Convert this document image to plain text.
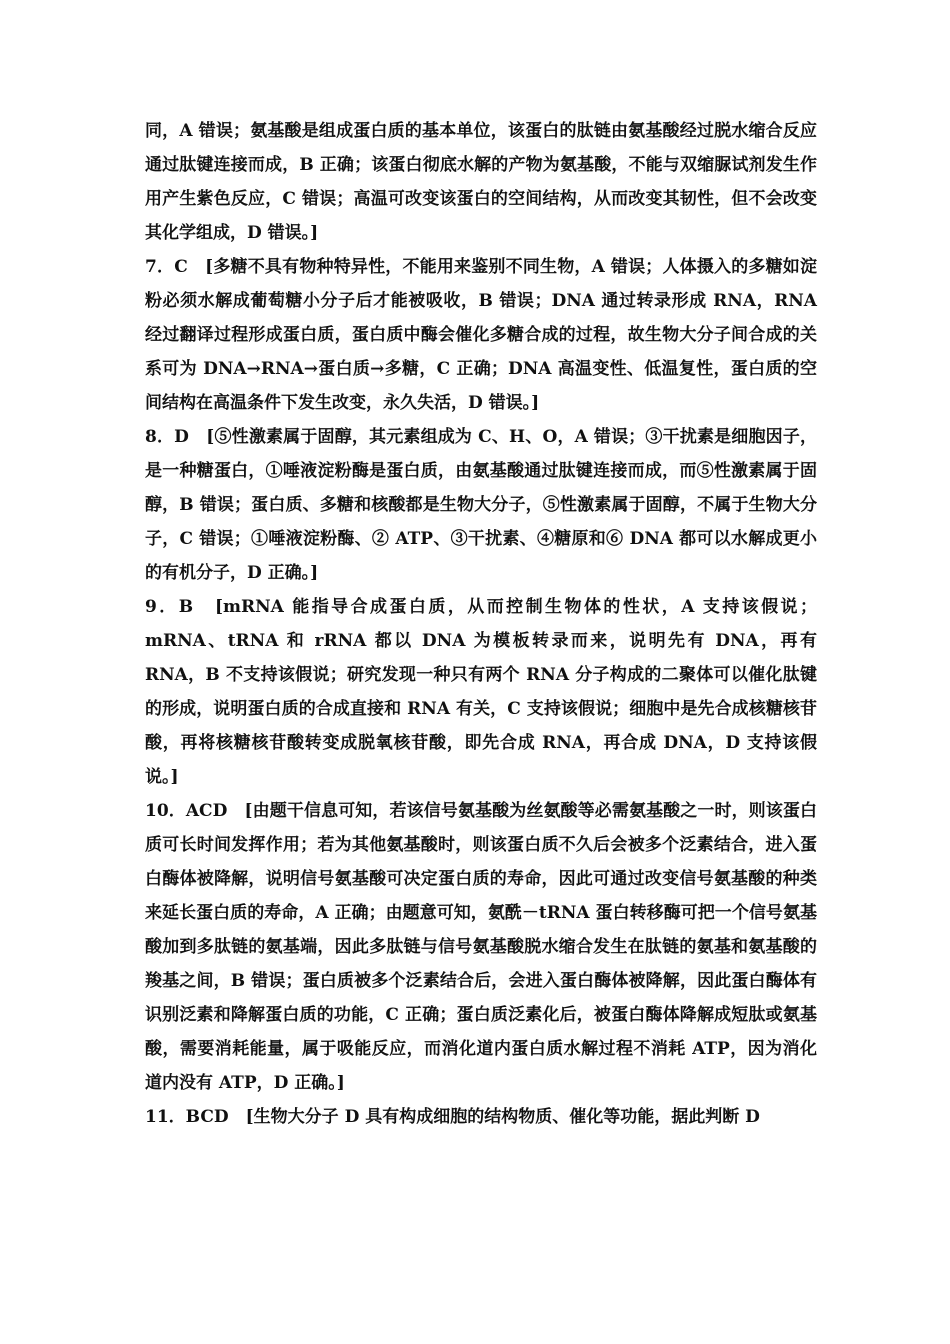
同，A 错误；氨基酸是组成蛋白质的基本单位，该蛋白的肽链由氨基酸经过脱水缩合反应通过肽键连接而成，B 正确；该蛋白彻底水解的产物为氨基酸，不能与双缩脲试剂发生作用产生紫色反应，C 错误；高温可改变该蛋白的空间结构，从而改变其韧性，但不会改变其化学组成，D 错误。]

7．C　[多糖不具有物种特异性，不能用来鉴别不同生物，A 错误；人体摄入的多糖如淀粉必须水解成葡萄糖小分子后才能被吸收，B 错误；DNA 通过转录形成 RNA，RNA 经过翻译过程形成蛋白质，蛋白质中酶会催化多糖合成的过程，故生物大分子间合成的关系可为 DNA→RNA→蛋白质→多糖，C 正确；DNA 高温变性、低温复性，蛋白质的空间结构在高温条件下发生改变，永久失活，D 错误。]

8．D　[⑤性激素属于固醇，其元素组成为 C、H、O，A 错误；③干扰素是细胞因子，是一种糖蛋白，①唾液淀粉酶是蛋白质，由氨基酸通过肽键连接而成，而⑤性激素属于固醇，B 错误；蛋白质、多糖和核酸都是生物大分子，⑤性激素属于固醇，不属于生物大分子，C 错误；①唾液淀粉酶、② ATP、③干扰素、④糖原和⑥ DNA 都可以水解成更小的有机分子，D 正确。]

9．B　[mRNA 能指导合成蛋白质，从而控制生物体的性状，A 支持该假说；mRNA、tRNA 和 rRNA 都以 DNA 为模板转录而来，说明先有 DNA，再有 RNA，B 不支持该假说；研究发现一种只有两个 RNA 分子构成的二聚体可以催化肽键的形成，说明蛋白质的合成直接和 RNA 有关，C 支持该假说；细胞中是先合成核糖核苷酸，再将核糖核苷酸转变成脱氧核苷酸，即先合成 RNA，再合成 DNA，D 支持该假说。]

10．ACD　[由题干信息可知，若该信号氨基酸为丝氨酸等必需氨基酸之一时，则该蛋白质可长时间发挥作用；若为其他氨基酸时，则该蛋白质不久后会被多个泛素结合，进入蛋白酶体被降解，说明信号氨基酸可决定蛋白质的寿命，因此可通过改变信号氨基酸的种类来延长蛋白质的寿命，A 正确；由题意可知，氨酰－tRNA 蛋白转移酶可把一个信号氨基酸加到多肽链的氨基端，因此多肽链与信号氨基酸脱水缩合发生在肽链的氨基和氨基酸的羧基之间，B 错误；蛋白质被多个泛素结合后，会进入蛋白酶体被降解，因此蛋白酶体有识别泛素和降解蛋白质的功能，C 正确；蛋白质泛素化后，被蛋白酶体降解成短肽或氨基酸，需要消耗能量，属于吸能反应，而消化道内蛋白质水解过程不消耗 ATP，因为消化道内没有 ATP，D 正确。]

11．BCD　[生物大分子 D 具有构成细胞的结构物质、催化等功能，据此判断 D
